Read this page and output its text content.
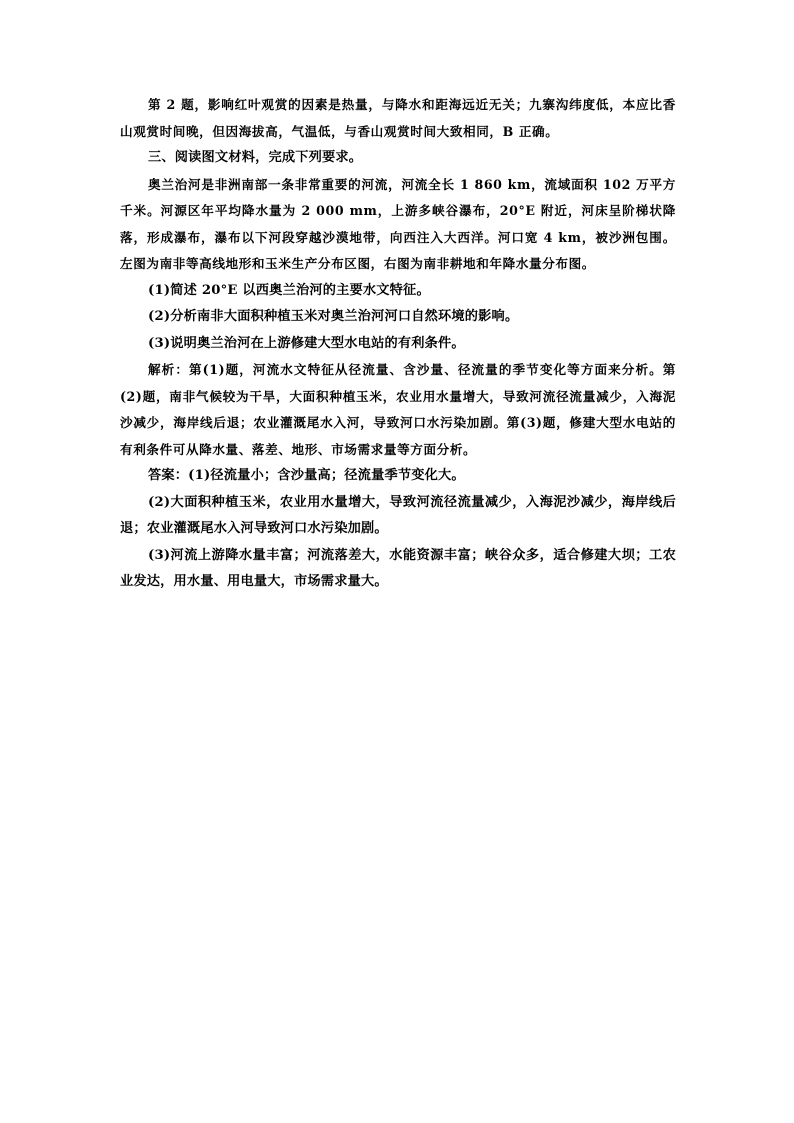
第 2 题，影响红叶观赏的因素是热量，与降水和距海远近无关；九寨沟纬度低，本应比香山观赏时间晚，但因海拔高，气温低，与香山观赏时间大致相同，B 正确。

三、阅读图文材料，完成下列要求。

奥兰治河是非洲南部一条非常重要的河流，河流全长 1 860 km，流域面积 102 万平方千米。河源区年平均降水量为 2 000 mm，上游多峡谷瀑布，20°E 附近，河床呈阶梯状降落，形成瀑布，瀑布以下河段穿越沙漠地带，向西注入大西洋。河口宽 4 km，被沙洲包围。左图为南非等高线地形和玉米生产分布区图，右图为南非耕地和年降水量分布图。

(1)简述 20°E 以西奥兰治河的主要水文特征。

(2)分析南非大面积种植玉米对奥兰治河河口自然环境的影响。

(3)说明奥兰治河在上游修建大型水电站的有利条件。

解析：第(1)题，河流水文特征从径流量、含沙量、径流量的季节变化等方面来分析。第(2)题，南非气候较为干旱，大面积种植玉米，农业用水量增大，导致河流径流量减少，入海泥沙减少，海岸线后退；农业灌溉尾水入河，导致河口水污染加剧。第(3)题，修建大型水电站的有利条件可从降水量、落差、地形、市场需求量等方面分析。

答案：(1)径流量小；含沙量高；径流量季节变化大。

(2)大面积种植玉米，农业用水量增大，导致河流径流量减少，入海泥沙减少，海岸线后退；农业灌溉尾水入河导致河口水污染加剧。

(3)河流上游降水量丰富；河流落差大，水能资源丰富；峡谷众多，适合修建大坝；工农业发达，用水量、用电量大，市场需求量大。
